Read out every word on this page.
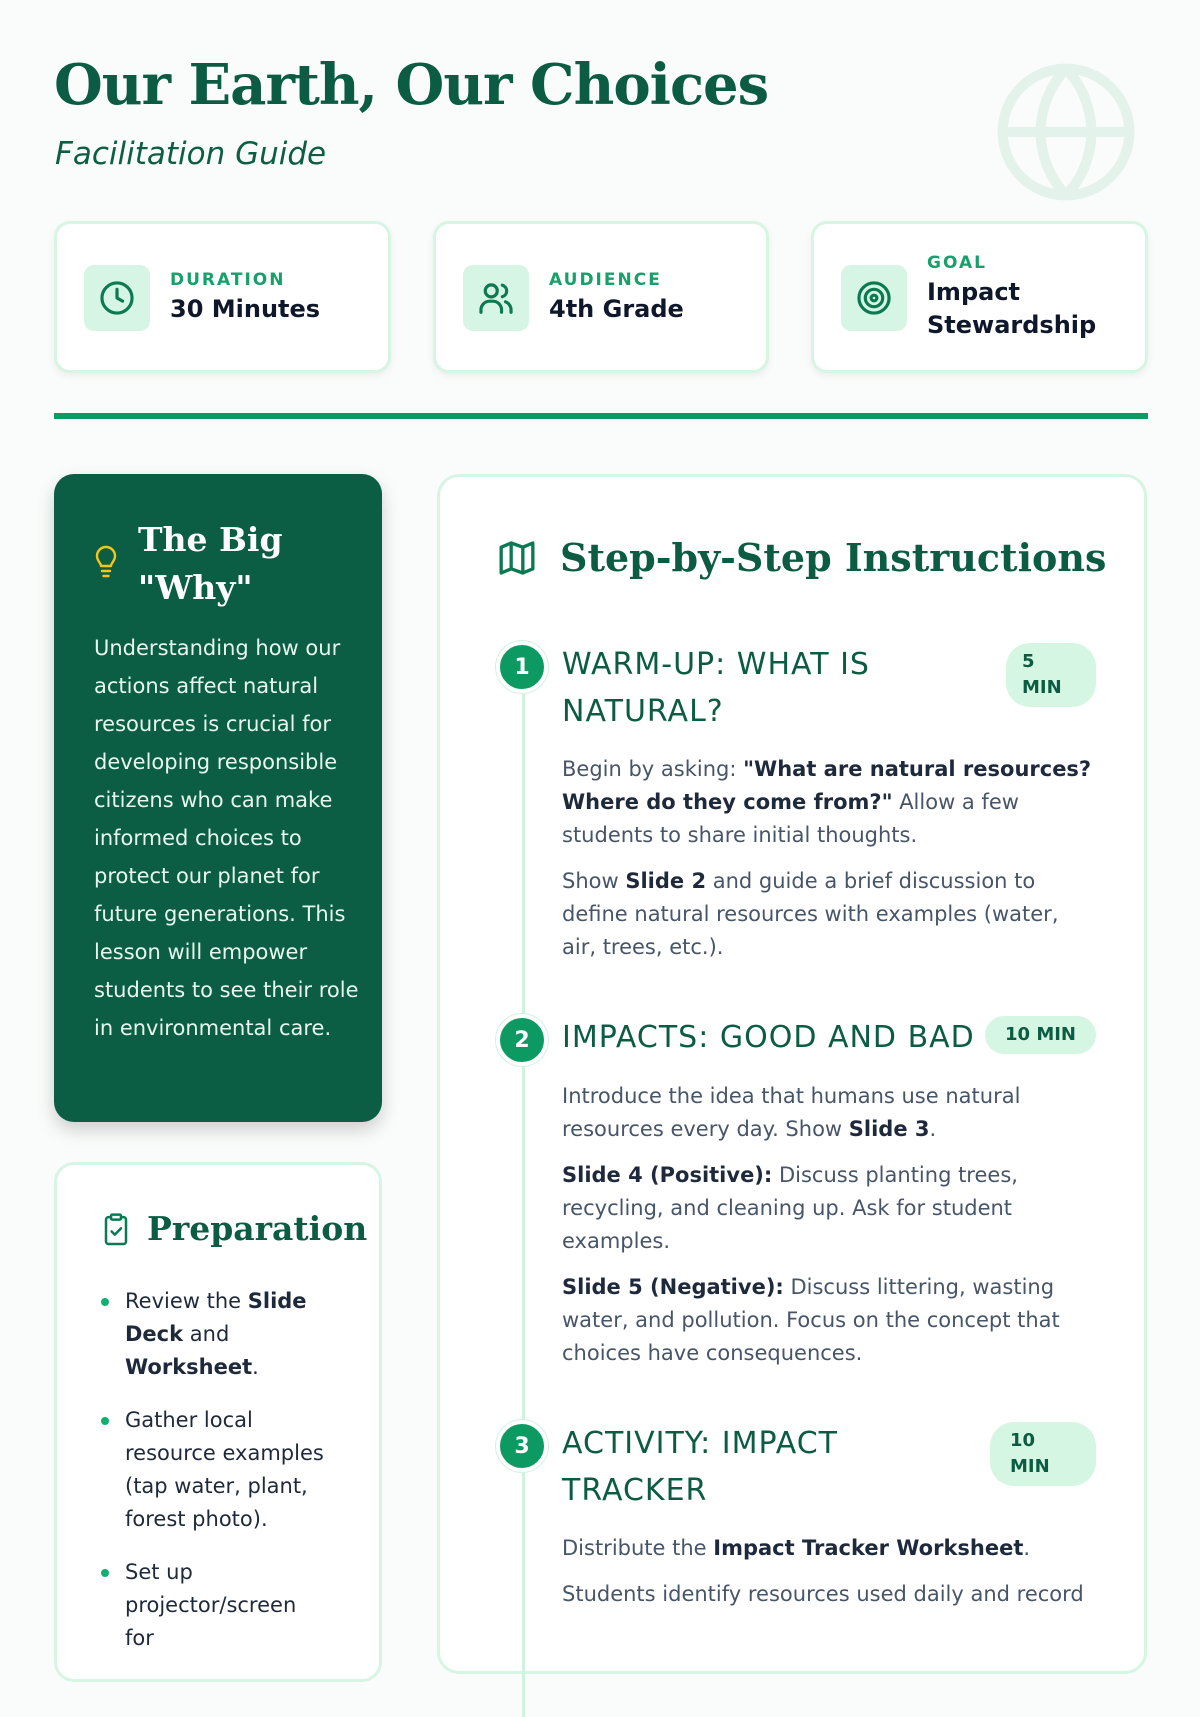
Our Earth, Our Choices
Facilitation Guide
DURATION
30 Minutes
AUDIENCE
4th Grade
GOAL
Impact Stewardship
The Big "Why"

Understanding how our actions affect natural resources is crucial for developing responsible citizens who can make informed choices to protect our planet for future generations. This lesson will empower students to see their role in environmental care.

Preparation
Review the Slide Deck and Worksheet.
Gather local resource examples (tap water, plant, forest photo).
Set up projector/screen for
Step-by-Step Instructions
1	WARM-UP: WHAT IS NATURAL?
5 MIN

Begin by asking: "What are natural resources? Where do they come from?" Allow a few students to share initial thoughts.

Show Slide 2 and guide a brief discussion to define natural resources with examples (water, air, trees, etc.).

2	IMPACTS: GOOD AND BAD	10 MIN

Introduce the idea that humans use natural resources every day. Show Slide 3.

Slide 4 (Positive): Discuss planting trees, recycling, and cleaning up. Ask for student examples.

Slide 5 (Negative): Discuss littering, wasting water, and pollution. Focus on the concept that choices have consequences.

3	ACTIVITY: IMPACT TRACKER
10 MIN

Distribute the Impact Tracker Worksheet.

Students identify resources used daily and record
